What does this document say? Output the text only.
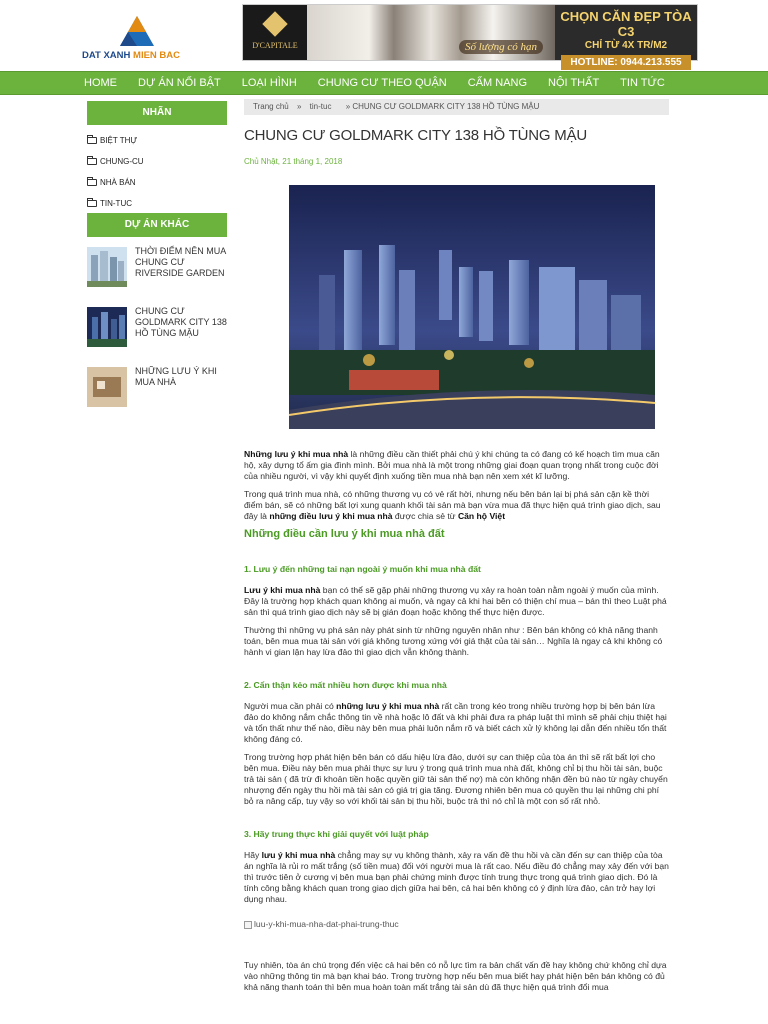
DAT XANH MIEN BAC
D'CAPITALE	Số lượng có hạn
CHỌN CĂN ĐẸP TÒA C3
CHỈ TỪ 4X TR/M2
HOTLINE: 0944.213.555
HOME DỰ ÁN NỔI BẬT LOẠI HÌNH CHUNG CƯ THEO QUẬN CẨM NANG NỘI THẤT TIN TỨC
NHÃN
BIỆT THỰ
CHUNG-CU
NHÀ BÁN
TIN-TUC
DỰ ÁN KHÁC
THỜI ĐIỂM NÊN MUA CHUNG CƯ RIVERSIDE GARDEN
CHUNG CƯ GOLDMARK CITY 138 HỒ TÙNG MẬU
NHỮNG LƯU Ý KHI MUA NHÀ
Trang chủ » tin-tuc » CHUNG CƯ GOLDMARK CITY 138 HỒ TÙNG MẬU
CHUNG CƯ GOLDMARK CITY 138 HỒ TÙNG MẬU
Chủ Nhật, 21 tháng 1, 2018

Những lưu ý khi mua nhà là những điều cần thiết phải chú ý khi chúng ta có đang có kế hoạch tìm mua căn hộ, xây dựng tổ ấm gia đình mình. Bởi mua nhà là một trong những giai đoạn quan trọng nhất trong cuộc đời của nhiều người, vì vậy khi quyết định xuống tiền mua nhà bạn nên xem xét kĩ lưỡng.

Trong quá trình mua nhà, có những thương vụ có vẻ rất hời, nhưng nếu bên bán lại bị phá sản cận kề thời điểm bán, sẽ có những bất lợi xung quanh khối tài sản mà bạn vừa mua đã thực hiện quá trình giao dịch, sau đây là những điều lưu ý khi mua nhà được chia sẻ từ Căn hộ Việt

Những điều cần lưu ý khi mua nhà đất
1. Lưu ý đến những tai nạn ngoài ý muốn khi mua nhà đất

Lưu ý khi mua nhà bạn có thể sẽ gặp phải những thương vụ xảy ra hoàn toàn nằm ngoài ý muốn của mình. Đây là trường hợp khách quan không ai muốn, và ngay cả khi hai bên có thiện chí mua – bán thì theo Luật phá sản thì quá trình giao dịch này sẽ bị gián đoạn hoặc không thể thực hiện được.

Thường thì những vụ phá sản này phát sinh từ những nguyên nhân như : Bên bán không có khả năng thanh toán, bên mua mua tài sản với giá không tương xứng với giá thật của tài sản… Nghĩa là ngay cả khi không có hành vi gian lận hay lừa đảo thì giao dịch vẫn không thành.

2. Cẩn thận kẻo mất nhiều hơn được khi mua nhà

Người mua cần phải có những lưu ý khi mua nhà rất cần trong kéo trong nhiều trường hợp bị bên bán lừa đảo do không nắm chắc thông tin về nhà hoặc lô đất và khi phải đưa ra pháp luật thì mình sẽ phải chịu thiệt hại và tổn thất như thế nào, điều này bên mua phải luôn nắm rõ và biết cách xử lý không lại dẫn đến nhiều tổn thất không đáng có.

Trong trường hợp phát hiện bên bán có dấu hiệu lừa đảo, dưới sự can thiệp của tòa án thì sẽ rất bất lợi cho bên mua. Điều này bên mua phải thực sự lưu ý trong quá trình mua nhà đất, không chỉ bị thu hồi tài sản, buộc trả tài sản ( đã trừ đi khoản tiền hoặc quyền giữ tài sản thế nợ) mà còn không nhận đền bù nào từ ngày chuyển nhượng đến ngày thu hồi mà tài sản có giá trị gia tăng. Đương nhiên bên mua có quyền thu lại những chi phí bỏ ra nâng cấp, tuy vậy so với khối tài sản bị thu hồi, buộc trả thì nó chỉ là một con số rất nhỏ.

3. Hãy trung thực khi giải quyết với luật pháp

Hãy lưu ý khi mua nhà chẳng may sự vụ không thành, xảy ra vấn đề thu hồi và cần đến sự can thiệp của tòa án nghĩa là rủi ro mất trắng (số tiền mua) đối với người mua là rất cao. Nếu điều đó chẳng may xảy đến với bạn thì trước tiên ở cương vị bên mua bạn phải chứng minh được tính trung thực trong quá trình giao dịch. Đó là tính công bằng khách quan trong giao dịch giữa hai bên, cả hai bên không có ý định lừa đảo, cản trở hay lợi dụng nhau.

luu-y-khi-mua-nha-dat-phai-trung-thuc

Tuy nhiên, tòa án chú trọng đến việc cả hai bên có nỗ lực tìm ra bản chất vấn đề hay không chứ không chỉ dựa vào những thông tin mà bạn khai báo. Trong trường hợp nếu bên mua biết hay phát hiện bên bán không có đủ khả năng thanh toán thì bên mua hoàn toàn mất trắng tài sản dù đã thực hiện quá trình đổi mua
